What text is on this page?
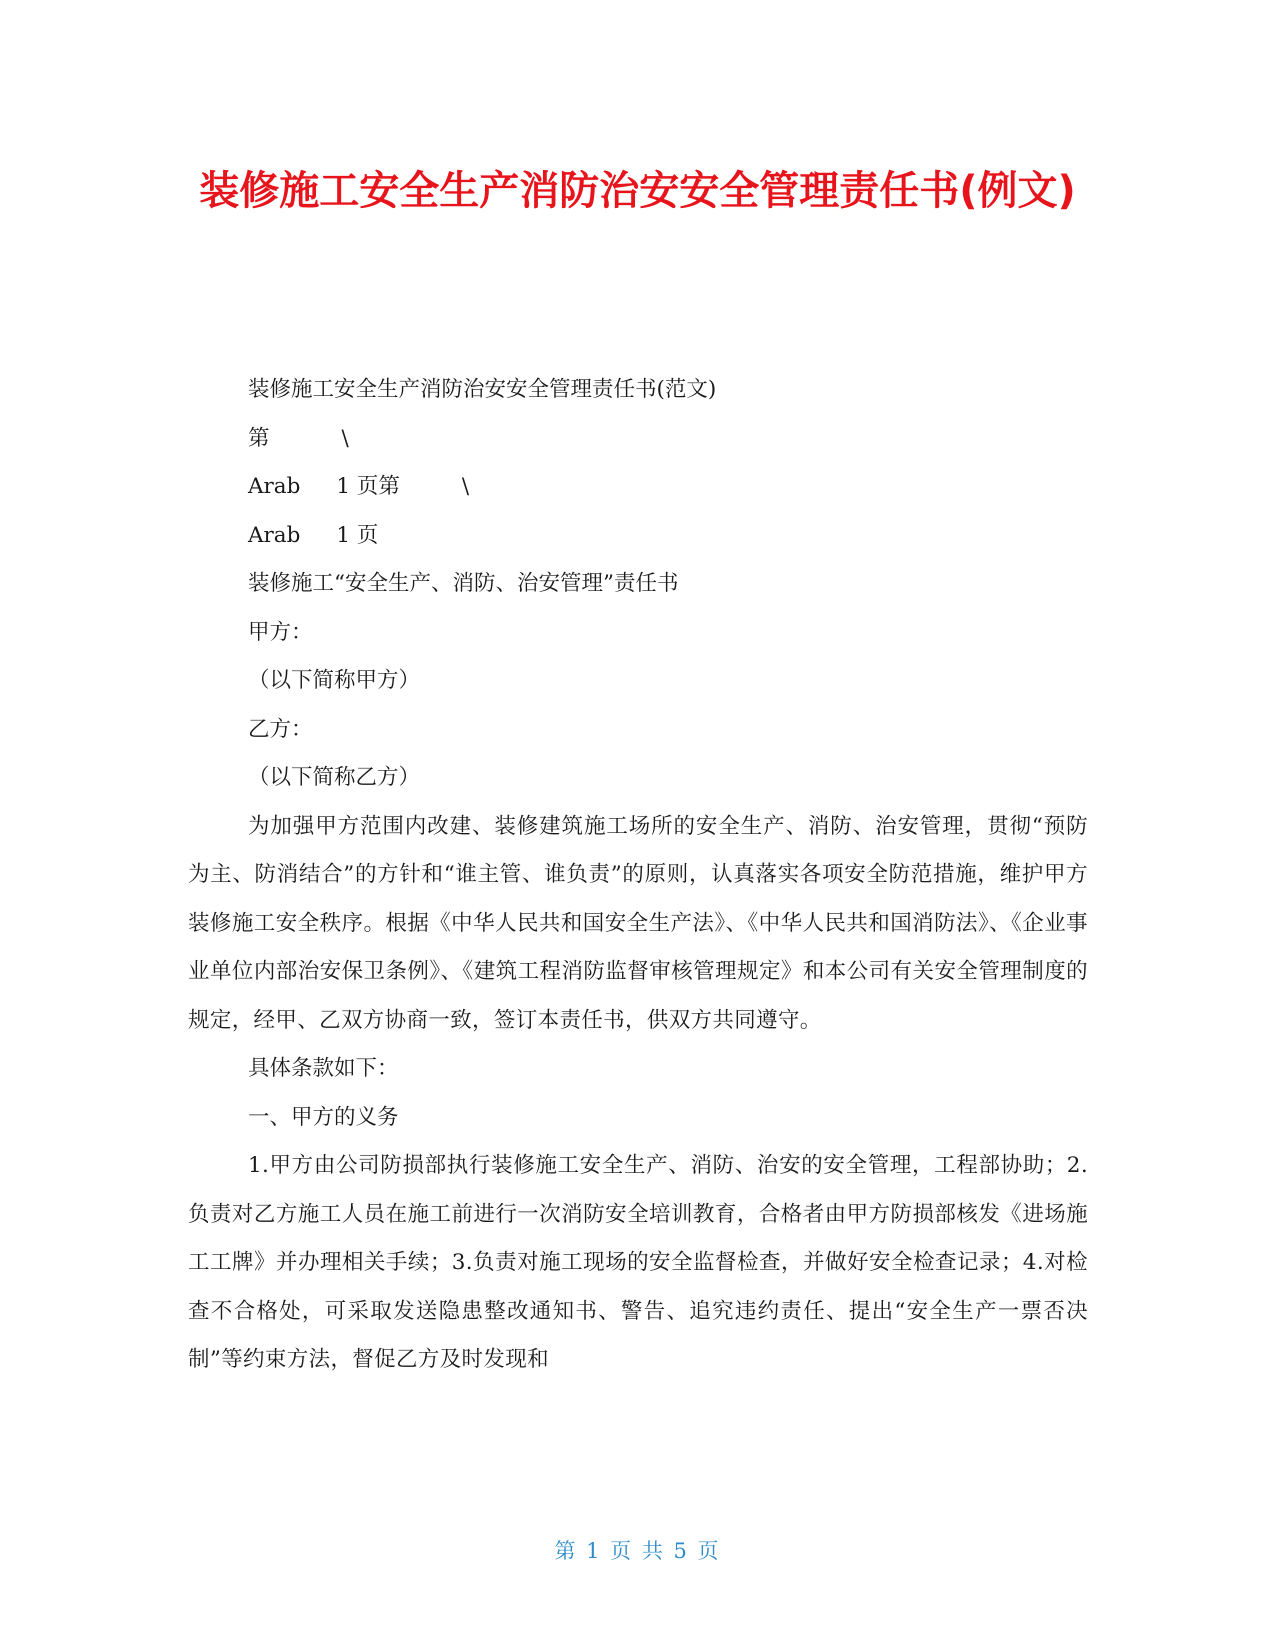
装修施工安全生产消防治安安全管理责任书(例文)

装修施工安全生产消防治安安全管理责任书(范文)

第	\

Arab 1 页第	\

Arab 1 页

装修施工“安全生产、消防、治安管理”责任书

甲方：

（以下简称甲方）

乙方：

（以下简称乙方）

为加强甲方范围内改建、装修建筑施工场所的安全生产、消防、治安管理，贯彻“预防为主、防消结合”的方针和“谁主管、谁负责”的原则，认真落实各项安全防范措施，维护甲方装修施工安全秩序。根据《中华人民共和国安全生产法》、《中华人民共和国消防法》、《企业事业单位内部治安保卫条例》、《建筑工程消防监督审核管理规定》和本公司有关安全管理制度的规定，经甲、乙双方协商一致，签订本责任书，供双方共同遵守。

具体条款如下：

一、甲方的义务

1.甲方由公司防损部执行装修施工安全生产、消防、治安的安全管理，工程部协助；2.负责对乙方施工人员在施工前进行一次消防安全培训教育，合格者由甲方防损部核发《进场施工工牌》并办理相关手续；3.负责对施工现场的安全监督检查，并做好安全检查记录；4.对检查不合格处，可采取发送隐患整改通知书、警告、追究违约责任、提出“安全生产一票否决制”等约束方法，督促乙方及时发现和

第 1 页 共 5 页
